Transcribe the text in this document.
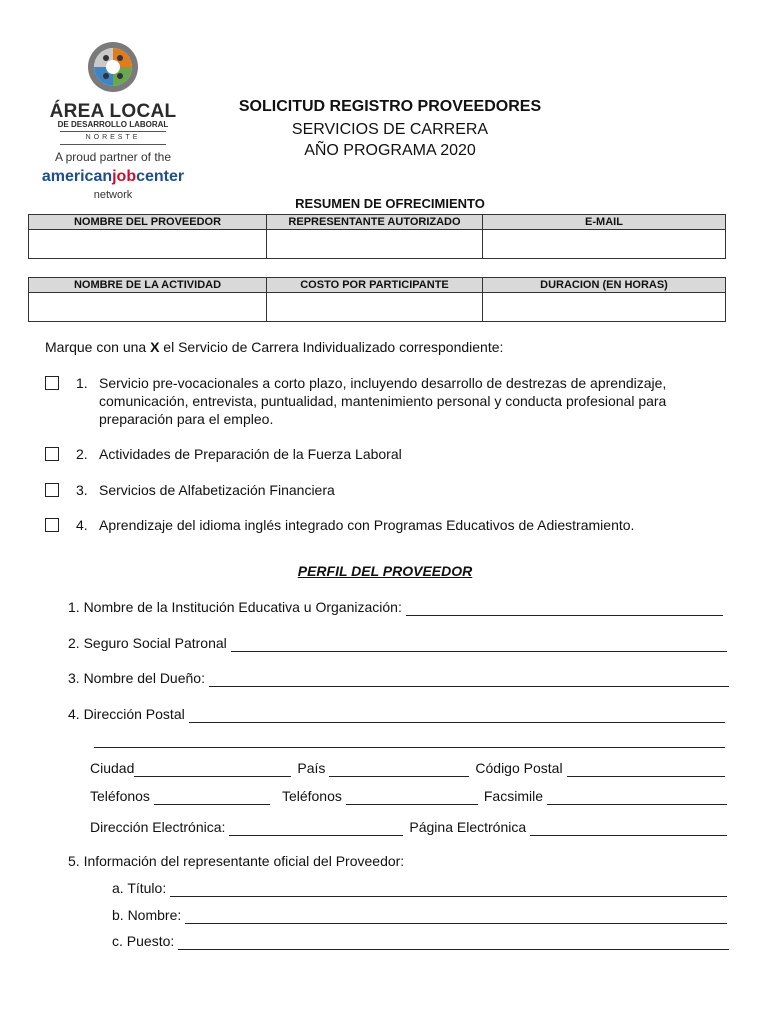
ÁREA LOCAL
DE DESARROLLO LABORAL
NORESTE
A proud partner of the
americanjobcenter
network
SOLICITUD REGISTRO PROVEEDORES
SERVICIOS DE CARRERA
AÑO PROGRAMA 2020
RESUMEN DE OFRECIMIENTO
NOMBRE DEL PROVEEDOR	REPRESENTANTE AUTORIZADO	E-MAIL

NOMBRE DE LA ACTIVIDAD	COSTO POR PARTICIPANTE	DURACION (EN HORAS)

Marque con una X el Servicio de Carrera Individualizado correspondiente:
1. Servicio pre-vocacionales a corto plazo, incluyendo desarrollo de destrezas de aprendizaje, comunicación, entrevista, puntualidad, mantenimiento personal y conducta profesional para preparación para el empleo.
2. Actividades de Preparación de la Fuerza Laboral
3. Servicios de Alfabetización Financiera
4. Aprendizaje del idioma inglés integrado con Programas Educativos de Adiestramiento.
PERFIL DEL PROVEEDOR
1. Nombre de la Institución Educativa u Organización:
2. Seguro Social Patronal
3. Nombre del Dueño:
4. Dirección Postal
Ciudad	País	Código Postal
Teléfonos	Teléfonos	Facsimile
Dirección Electrónica:	Página Electrónica
5. Información del representante oficial del Proveedor:
a. Título:
b. Nombre:
c. Puesto:
